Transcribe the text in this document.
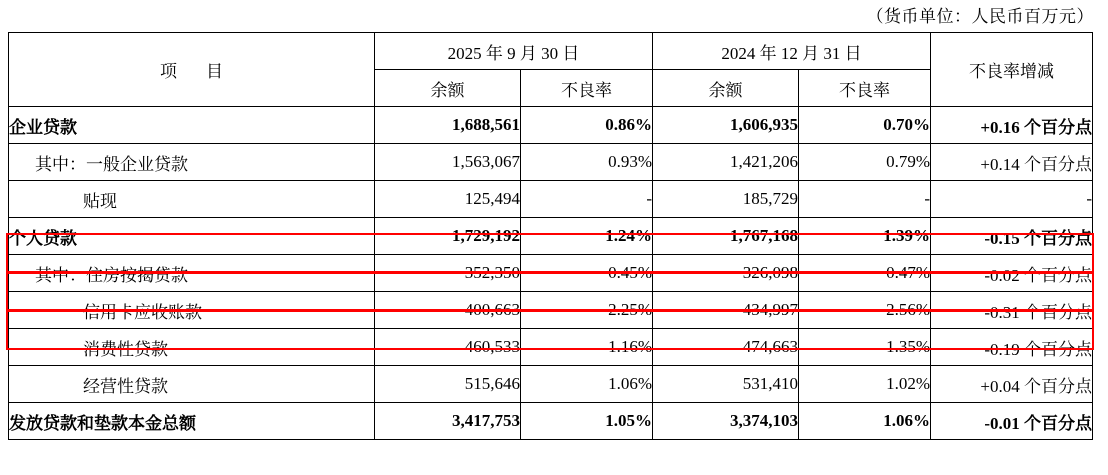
（货币单位：人民币百万元）
项　目	2025 年 9 月 30 日		2024 年 12 月 31 日		不良率增减
	余额	不良率	余额	不良率	
企业贷款	1,688,561	0.86%	1,606,935	0.70%	+0.16 个百分点
其中：一般企业贷款	1,563,067	0.93%	1,421,206	0.79%	+0.14 个百分点
贴现	125,494	-	185,729	-	-
个人贷款	1,729,192	1.24%	1,767,168	1.39%	-0.15 个百分点
其中：住房按揭贷款	352,350	0.45%	326,098	0.47%	-0.02 个百分点
信用卡应收账款	400,663	2.25%	434,997	2.56%	-0.31 个百分点
消费性贷款	460,533	1.16%	474,663	1.35%	-0.19 个百分点
经营性贷款	515,646	1.06%	531,410	1.02%	+0.04 个百分点
发放贷款和垫款本金总额	3,417,753	1.05%	3,374,103	1.06%	-0.01 个百分点
